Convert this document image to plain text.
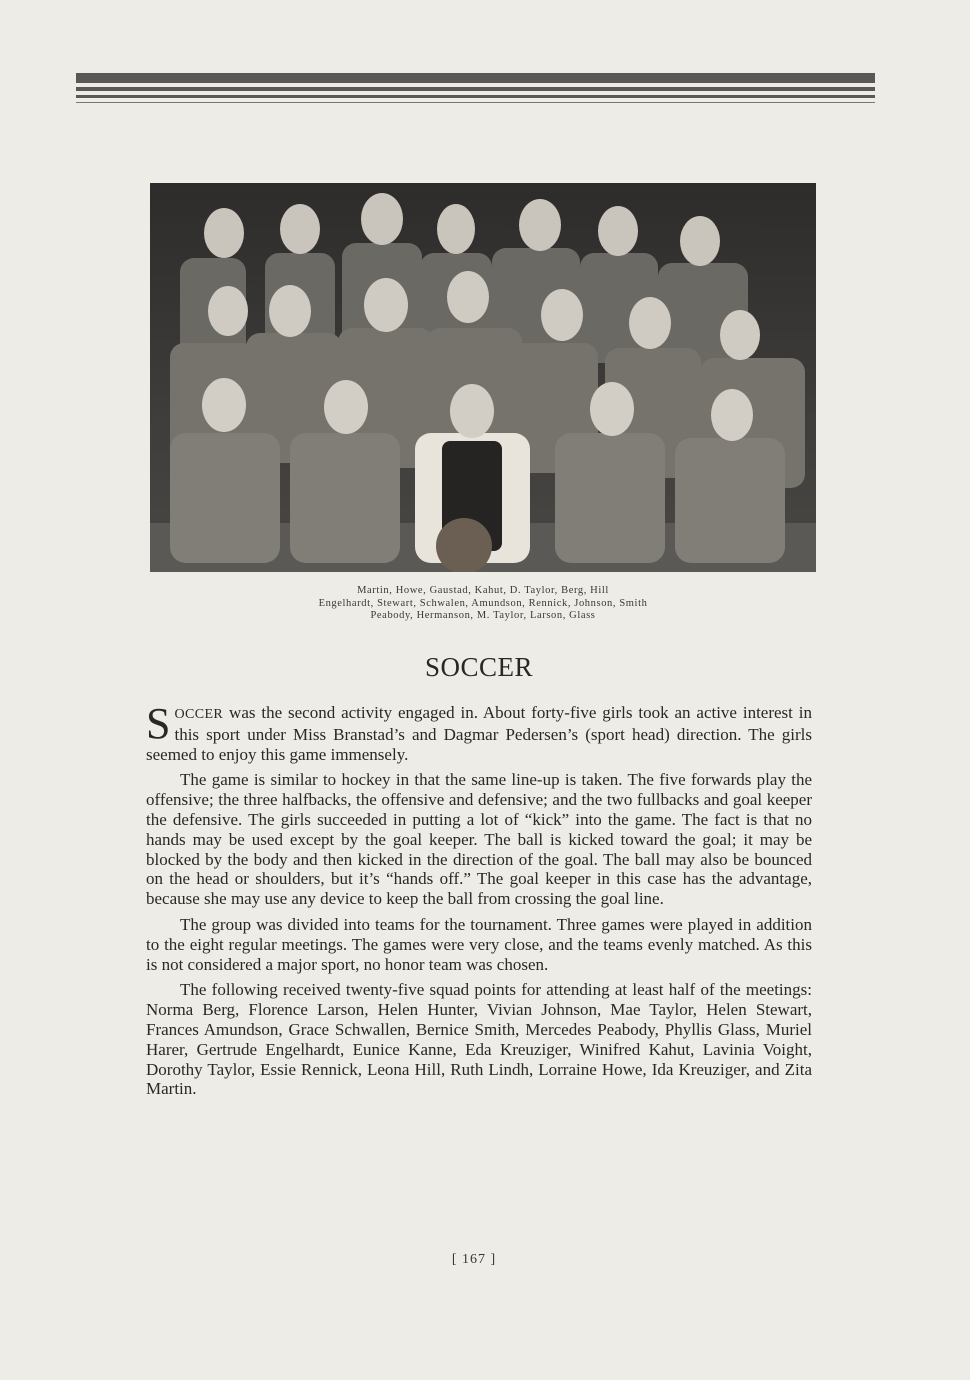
Martin, Howe, Gaustad, Kahut, D. Taylor, Berg, Hill
Engelhardt, Stewart, Schwalen, Amundson, Rennick, Johnson, Smith
Peabody, Hermanson, M. Taylor, Larson, Glass
SOCCER

SOCCER was the second activity engaged in. About forty-five girls took an active interest in this sport under Miss Branstad’s and Dagmar Pedersen’s (sport head) direction. The girls seemed to enjoy this game immensely.

The game is similar to hockey in that the same line-up is taken. The five forwards play the offensive; the three halfbacks, the offensive and defensive; and the two fullbacks and goal keeper the defensive. The girls succeeded in putting a lot of “kick” into the game. The fact is that no hands may be used except by the goal keeper. The ball is kicked toward the goal; it may be blocked by the body and then kicked in the direction of the goal. The ball may also be bounced on the head or shoulders, but it’s “hands off.” The goal keeper in this case has the advantage, because she may use any device to keep the ball from crossing the goal line.

The group was divided into teams for the tournament. Three games were played in addition to the eight regular meetings. The games were very close, and the teams evenly matched. As this is not considered a major sport, no honor team was chosen.

The following received twenty-five squad points for attending at least half of the meetings: Norma Berg, Florence Larson, Helen Hunter, Vivian Johnson, Mae Taylor, Helen Stewart, Frances Amundson, Grace Schwallen, Bernice Smith, Mercedes Peabody, Phyllis Glass, Muriel Harer, Gertrude Engelhardt, Eunice Kanne, Eda Kreuziger, Winifred Kahut, Lavinia Voight, Dorothy Taylor, Essie Rennick, Leona Hill, Ruth Lindh, Lorraine Howe, Ida Kreuziger, and Zita Martin.

[ 167 ]
